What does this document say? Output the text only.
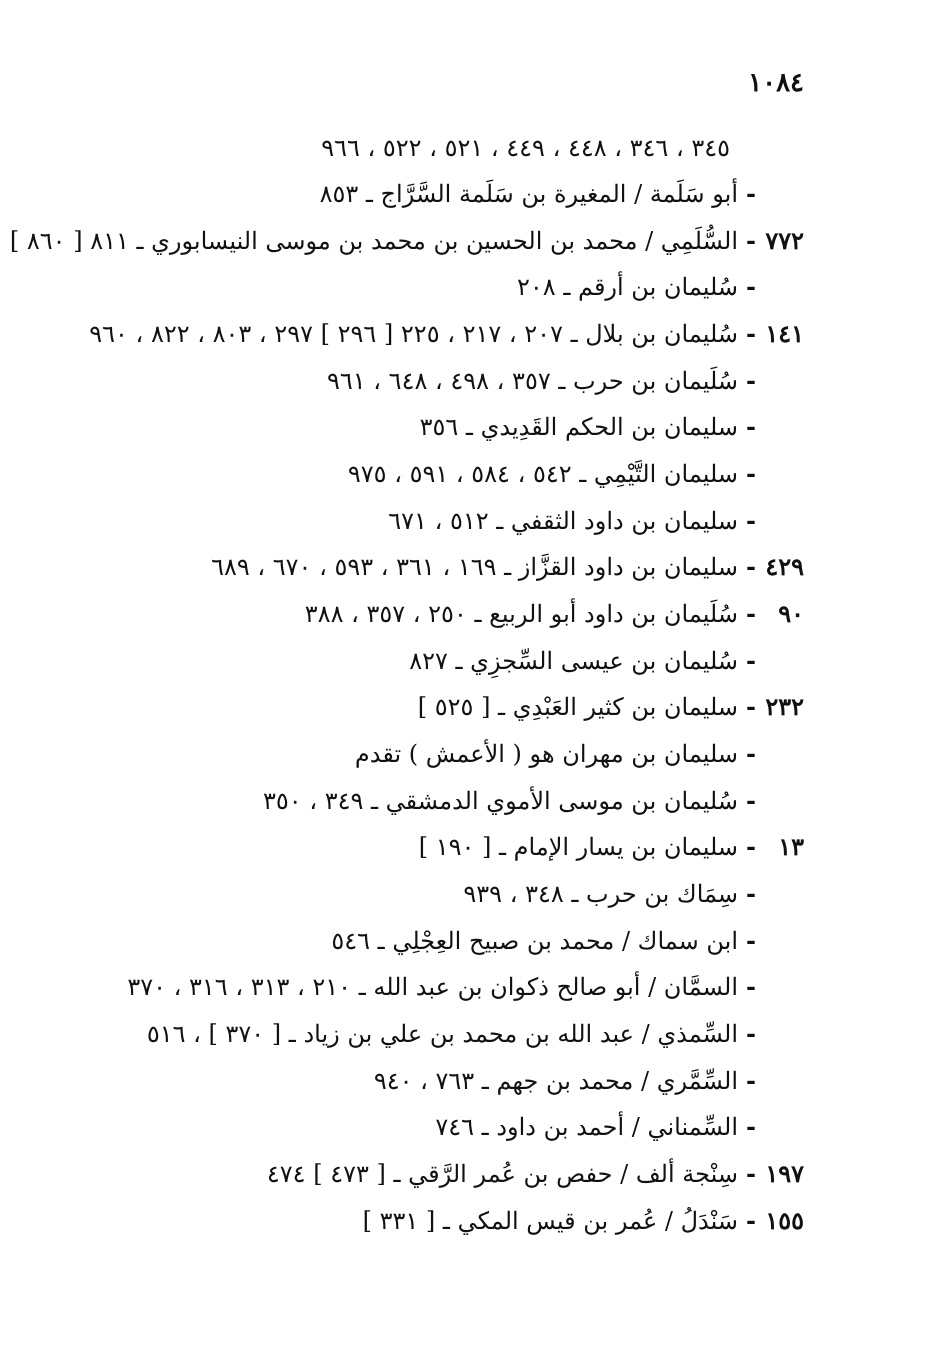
١٠٨٤
٣٤٥ ، ٣٤٦ ، ٤٤٨ ، ٤٤٩ ، ٥٢١ ، ٥٢٢ ، ٩٦٦
-أبو سَلَمة / المغيرة بن سَلَمة السَّرَّاج ـ ٨٥٣
٧٧٢-السُّلَمِي / محمد بن الحسين بن محمد بن موسى النيسابوري ـ ٨١١ [ ٨٦٠ ]
-سُليمان بن أرقم ـ ٢٠٨
١٤١-سُليمان بن بلال ـ ٢٠٧ ، ٢١٧ ، ٢٢٥ [ ٢٩٦ ] ٢٩٧ ، ٨٠٣ ، ٨٢٢ ، ٩٦٠
-سُلَيمان بن حرب ـ ٣٥٧ ، ٤٩٨ ، ٦٤٨ ، ٩٦١
-سليمان بن الحكم القَدِيدي ـ ٣٥٦
-سليمان التَّيْمِي ـ ٥٤٢ ، ٥٨٤ ، ٥٩١ ، ٩٧٥
-سليمان بن داود الثقفي ـ ٥١٢ ، ٦٧١
٤٢٩-سليمان بن داود القزَّاز ـ ١٦٩ ، ٣٦١ ، ٥٩٣ ، ٦٧٠ ، ٦٨٩
٩٠-سُلَيمان بن داود أبو الربيع ـ ٢٥٠ ، ٣٥٧ ، ٣٨٨
-سُليمان بن عيسى السِّجزِي ـ ٨٢٧
٢٣٢-سليمان بن كثير العَبْدِي ـ [ ٥٢٥ ]
-سليمان بن مهران هو ( الأعمش ) تقدم
-سُليمان بن موسى الأموي الدمشقي ـ ٣٤٩ ، ٣٥٠
١٣-سليمان بن يسار الإمام ـ [ ١٩٠ ]
-سِمَاك بن حرب ـ ٣٤٨ ، ٩٣٩
-ابن سماك / محمد بن صبيح العِجْلِي ـ ٥٤٦
-السمَّان / أبو صالح ذكوان بن عبد الله ـ ٢١٠ ، ٣١٣ ، ٣١٦ ، ٣٧٠
-السِّمذي / عبد الله بن محمد بن علي بن زياد ـ [ ٣٧٠ ] ، ٥١٦
-السِّمَّري / محمد بن جهم ـ ٧٦٣ ، ٩٤٠
-السِّمناني / أحمد بن داود ـ ٧٤٦
١٩٧-سِنْجة ألف / حفص بن عُمر الرَّقي ـ [ ٤٧٣ ] ٤٧٤
١٥٥-سَنْدَلُ / عُمر بن قيس المكي ـ [ ٣٣١ ]
